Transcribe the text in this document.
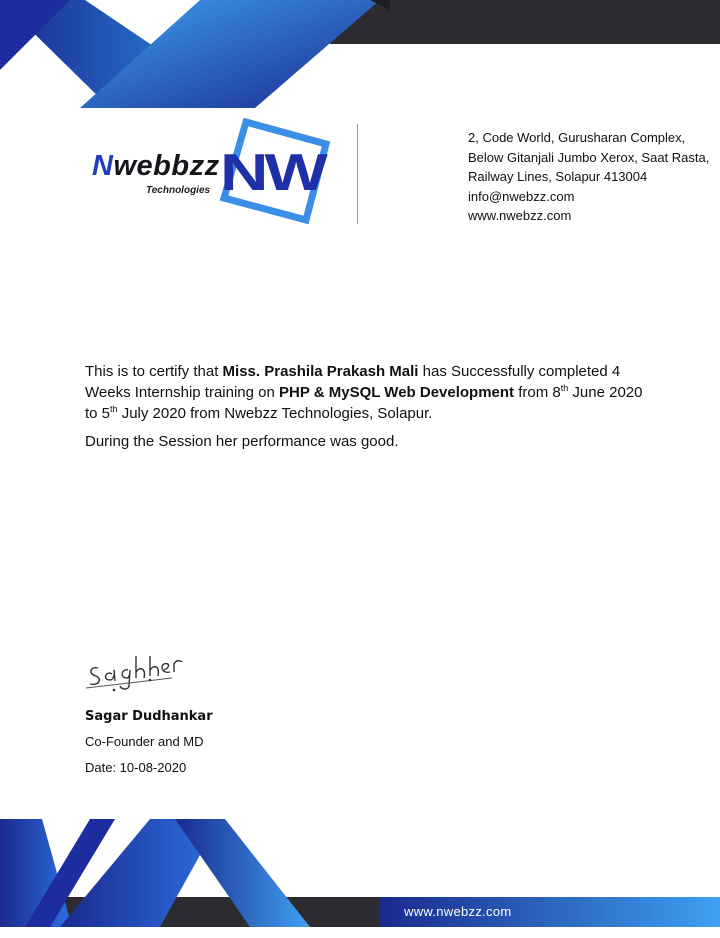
Nwebbzz
Technologies NW
2, Code World, Gurusharan Complex,
Below Gitanjali Jumbo Xerox, Saat Rasta,
Railway Lines, Solapur 413004
info@nwebzz.com
www.nwebzz.com

This is to certify that Miss. Prashila Prakash Mali has Successfully completed 4 Weeks Internship training on PHP & MySQL Web Development from 8th June 2020 to 5th July 2020 from Nwebzz Technologies, Solapur.

During the Session her performance was good.

Sagar Dudhankar
Co-Founder and MD
Date: 10-08-2020
www.nwebzz.com
